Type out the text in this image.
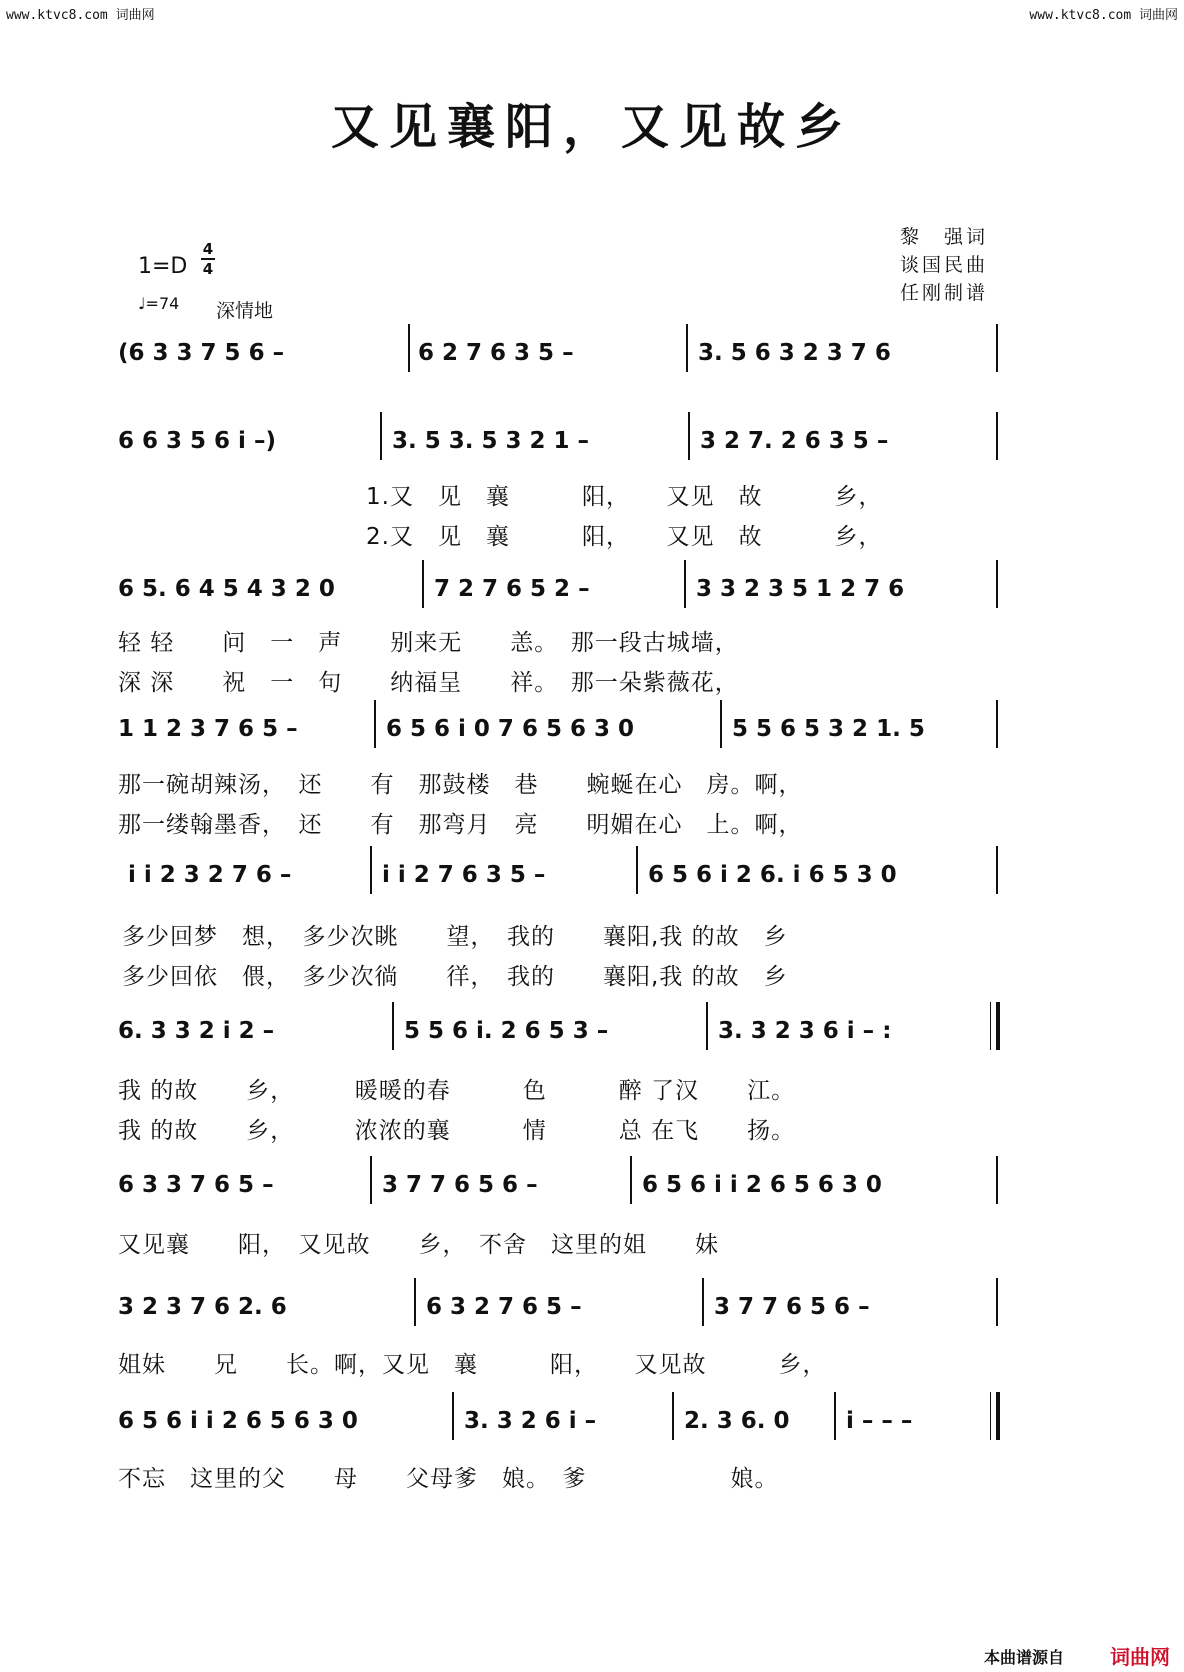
www.ktvc8.com 词曲网	www.ktvc8.com 词曲网
又见襄阳，又见故乡
黎　强词
谈国民曲
任刚制谱
1=D
4
4
♩=74 深情地
(6 3 3 7 5 6 –	6 2 7 6 3 5 –	3. 5 6 3 2 3 7 6
6 6 3 5 6 i –)	3. 5 3. 5 3 2 1 –	3 2 7. 2 6 3 5 –
1.又　见　襄　　　阳，　　又见　故　　　乡，
2.又　见　襄　　　阳，　　又见　故　　　乡，
6 5. 6 4 5 4 3 2 0	7 2 7 6 5 2 –	3 3 2 3 5 1 2 7 6
轻 轻　　问　一　声　　别来无　　恙。　那一段古城墙，
深 深　　祝　一　句　　纳福呈　　祥。　那一朵紫薇花，
1 1 2 3 7 6 5 –	6 5 6 i 0 7 6 5 6 3 0	5 5 6 5 3 2 1. 5
那一碗胡辣汤，　还　　有　那鼓楼　巷　　蜿蜒在心　房。啊，
那一缕翰墨香，　还　　有　那弯月　亮　　明媚在心　上。啊，
i i 2 3 2 7 6 –	i i 2 7 6 3 5 –	6 5 6 i 2 6. i 6 5 3 0
多少回梦　想，　多少次眺　　望，　我的　　襄阳,我 的故　乡
多少回依　偎，　多少次徜　　徉，　我的　　襄阳,我 的故　乡
6. 3 3 2 i 2 –	5 5 6 i. 2 6 5 3 –	3. 3 2 3 6 i – :
我 的故　　乡，　　　暖暖的春　　　色　　　醉 了汉　　江。
我 的故　　乡，　　　浓浓的襄　　　情　　　总 在飞　　扬。
6 3 3 7 6 5 –	3 7 7 6 5 6 –	6 5 6 i i 2 6 5 6 3 0
又见襄　　阳，　又见故　　乡，　不舍　这里的姐　　妹
3 2 3 7 6 2. 6	6 3 2 7 6 5 –	3 7 7 6 5 6 –
姐妹　　兄　　长。啊，又见　襄　　　阳，　　又见故　　　乡，
6 5 6 i i 2 6 5 6 3 0	3. 3 2 6 i –	2. 3 6. 0 i – – –
不忘　这里的父　　母　　父母爹　娘。　爹　　　　　　娘。
本曲谱源自 词曲网
